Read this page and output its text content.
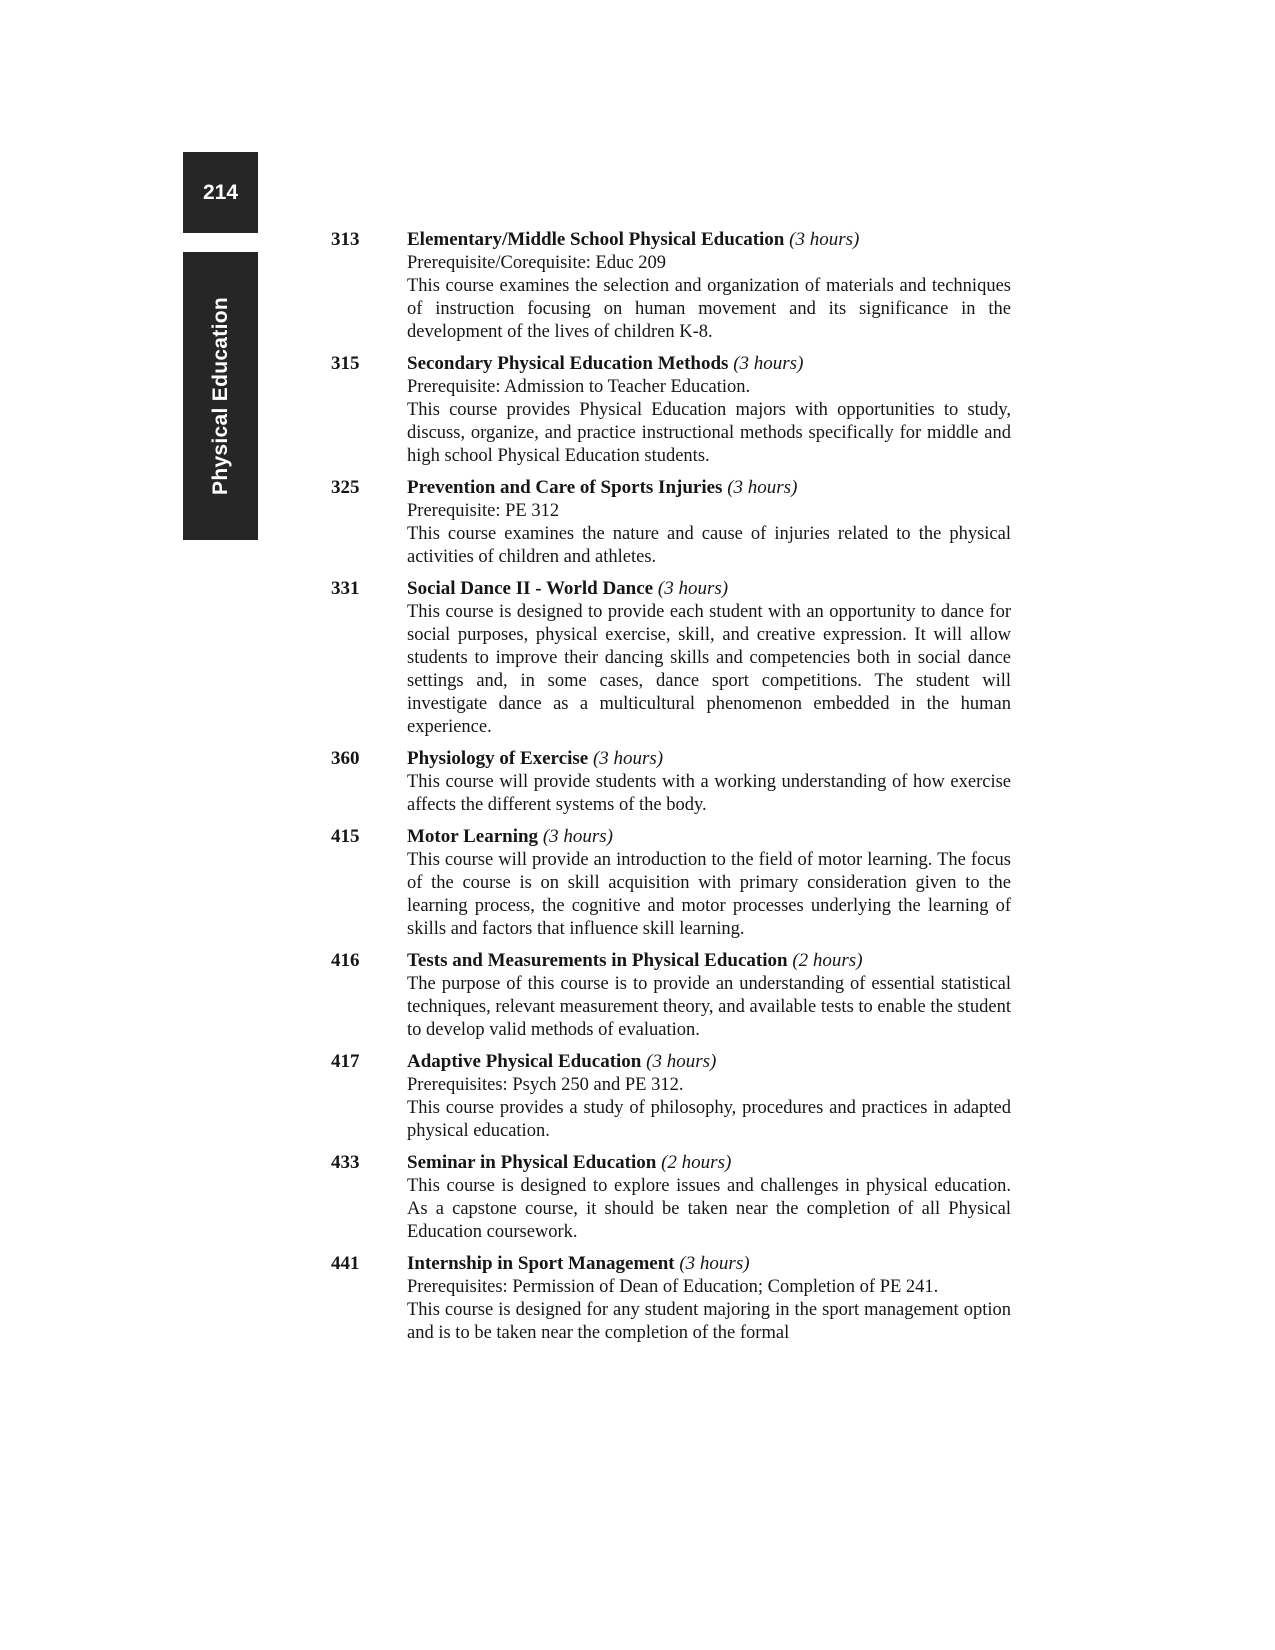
214
Physical Education
313	Elementary/Middle School Physical Education (3 hours)
Prerequisite/Corequisite: Educ 209

This course examines the selection and organization of materials and techniques of instruction focusing on human movement and its significance in the development of the lives of children K-8.

315	Secondary Physical Education Methods (3 hours)
Prerequisite: Admission to Teacher Education.

This course provides Physical Education majors with opportunities to study, discuss, organize, and practice instructional methods specifically for middle and high school Physical Education students.

325	Prevention and Care of Sports Injuries (3 hours)
Prerequisite: PE 312

This course examines the nature and cause of injuries related to the physical activities of children and athletes.

331	Social Dance II - World Dance (3 hours)

This course is designed to provide each student with an opportunity to dance for social purposes, physical exercise, skill, and creative expression. It will allow students to improve their dancing skills and competencies both in social dance settings and, in some cases, dance sport competitions. The student will investigate dance as a multicultural phenomenon embedded in the human experience.

360	Physiology of Exercise (3 hours)

This course will provide students with a working understanding of how exercise affects the different systems of the body.

415	Motor Learning (3 hours)

This course will provide an introduction to the field of motor learning. The focus of the course is on skill acquisition with primary consideration given to the learning process, the cognitive and motor processes underlying the learning of skills and factors that influence skill learning.

416	Tests and Measurements in Physical Education (2 hours)

The purpose of this course is to provide an understanding of essential statistical techniques, relevant measurement theory, and available tests to enable the student to develop valid methods of evaluation.

417	Adaptive Physical Education (3 hours)
Prerequisites: Psych 250 and PE 312.

This course provides a study of philosophy, procedures and practices in adapted physical education.

433	Seminar in Physical Education (2 hours)

This course is designed to explore issues and challenges in physical education. As a capstone course, it should be taken near the completion of all Physical Education coursework.

441	Internship in Sport Management (3 hours)
Prerequisites: Permission of Dean of Education; Completion of PE 241.

This course is designed for any student majoring in the sport management option and is to be taken near the completion of the formal
